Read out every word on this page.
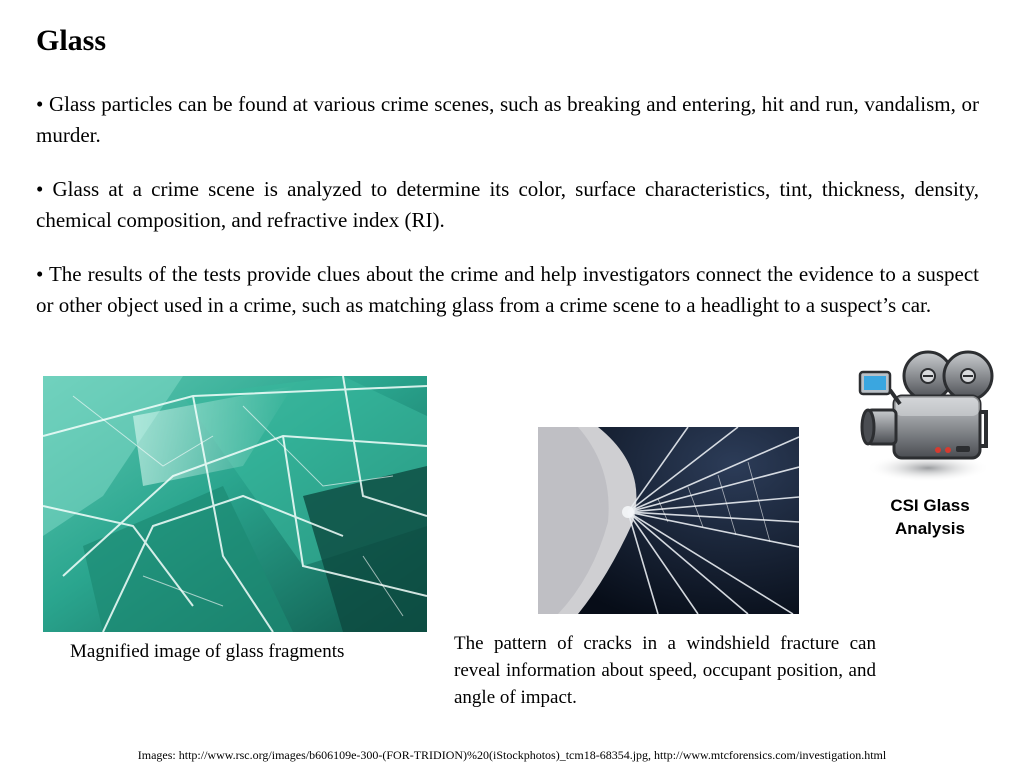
Glass

• Glass particles can be found at various crime scenes, such as breaking and entering, hit and run, vandalism, or murder.

• Glass at a crime scene is analyzed to determine its color, surface characteristics, tint, thickness, density, chemical composition, and refractive index (RI).

• The results of the tests provide clues about the crime and help investigators connect the evidence to a suspect or other object used in a crime, such as matching glass from a crime scene to a headlight to a suspect’s car.

Magnified image of glass fragments	The pattern of cracks in a windshield fracture can reveal information about speed, occupant position, and angle of impact.

CSI Glass
Analysis
Images: http://www.rsc.org/images/b606109e-300-(FOR-TRIDION)%20(iStockphotos)_tcm18-68354.jpg, http://www.mtcforensics.com/investigation.html
